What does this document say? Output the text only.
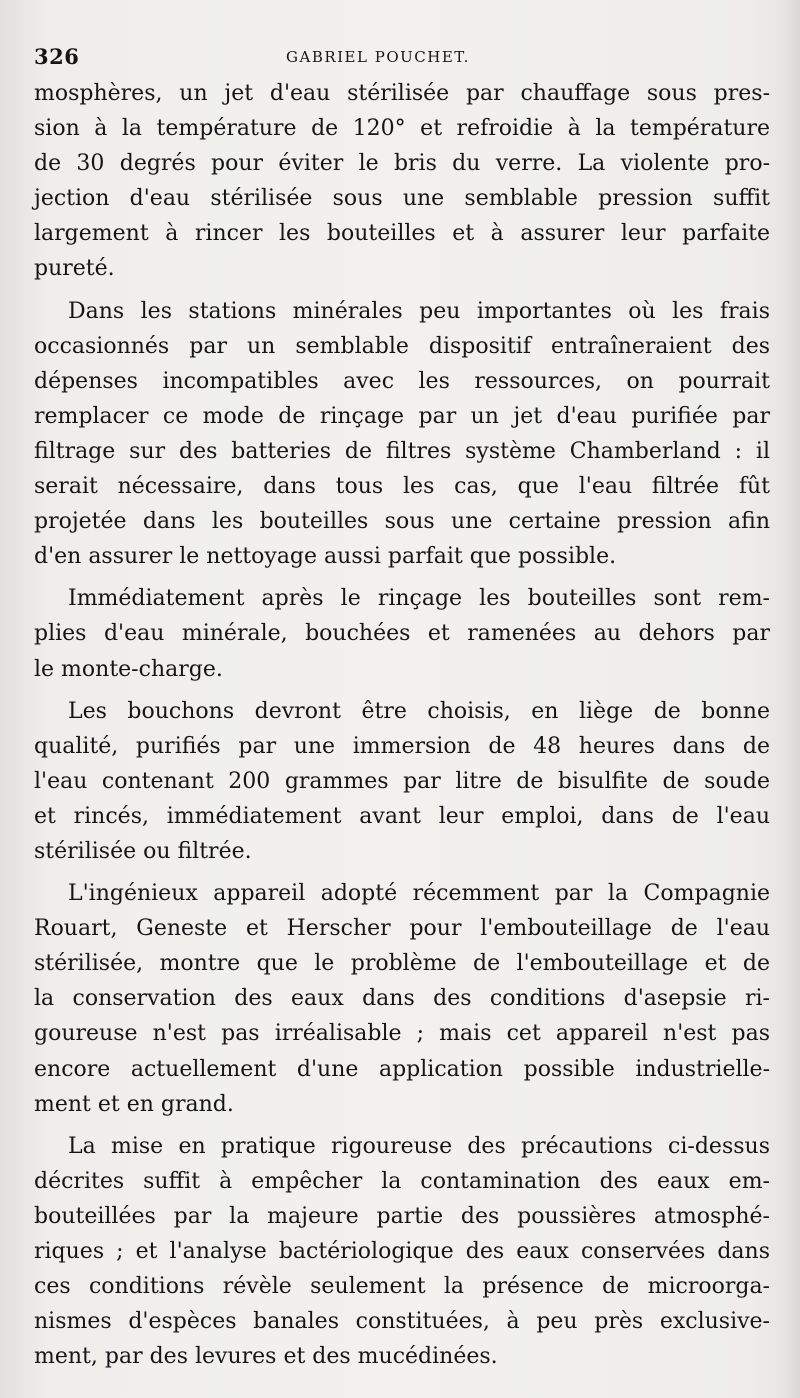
326	GABRIEL POUCHET.
mosphères, un jet d'eau stérilisée par chauffage sous pres-
sion à la température de 120° et refroidie à la température
de 30 degrés pour éviter le bris du verre. La violente pro-
jection d'eau stérilisée sous une semblable pression suffit
largement à rincer les bouteilles et à assurer leur parfaite
pureté.
Dans les stations minérales peu importantes où les frais
occasionnés par un semblable dispositif entraîneraient des
dépenses incompatibles avec les ressources, on pourrait
remplacer ce mode de rinçage par un jet d'eau purifiée par
filtrage sur des batteries de filtres système Chamberland : il
serait nécessaire, dans tous les cas, que l'eau filtrée fût
projetée dans les bouteilles sous une certaine pression afin
d'en assurer le nettoyage aussi parfait que possible.
Immédiatement après le rinçage les bouteilles sont rem-
plies d'eau minérale, bouchées et ramenées au dehors par
le monte-charge.
Les bouchons devront être choisis, en liège de bonne
qualité, purifiés par une immersion de 48 heures dans de
l'eau contenant 200 grammes par litre de bisulfite de soude
et rincés, immédiatement avant leur emploi, dans de l'eau
stérilisée ou filtrée.
L'ingénieux appareil adopté récemment par la Compagnie
Rouart, Geneste et Herscher pour l'embouteillage de l'eau
stérilisée, montre que le problème de l'embouteillage et de
la conservation des eaux dans des conditions d'asepsie ri-
goureuse n'est pas irréalisable ; mais cet appareil n'est pas
encore actuellement d'une application possible industrielle-
ment et en grand.
La mise en pratique rigoureuse des précautions ci-dessus
décrites suffit à empêcher la contamination des eaux em-
bouteillées par la majeure partie des poussières atmosphé-
riques ; et l'analyse bactériologique des eaux conservées dans
ces conditions révèle seulement la présence de microorga-
nismes d'espèces banales constituées, à peu près exclusive-
ment, par des levures et des mucédinées.
